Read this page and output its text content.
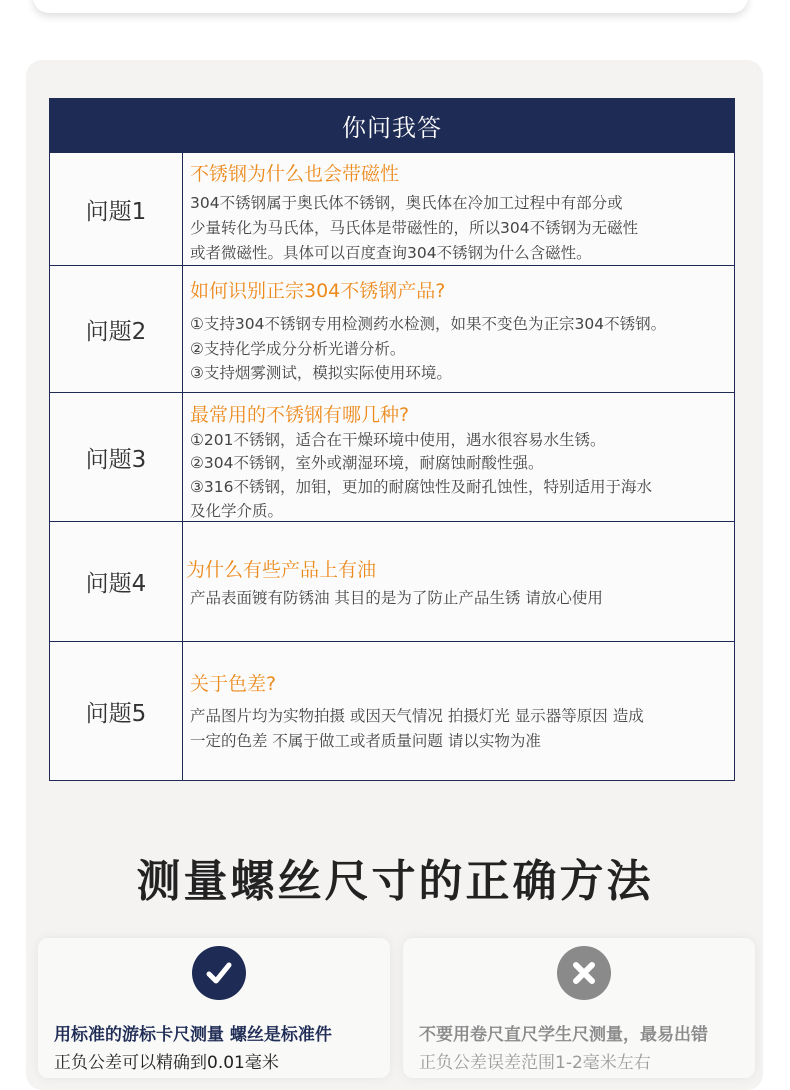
你问我答
问题1
不锈钢为什么也会带磁性
304不锈钢属于奥氏体不锈钢，奥氏体在冷加工过程中有部分或
少量转化为马氏体，马氏体是带磁性的，所以304不锈钢为无磁性
或者微磁性。具体可以百度查询304不锈钢为什么含磁性。
问题2
如何识别正宗304不锈钢产品?
①支持304不锈钢专用检测药水检测，如果不变色为正宗304不锈钢。
②支持化学成分分析光谱分析。
③支持烟雾测试，模拟实际使用环境。
问题3
最常用的不锈钢有哪几种?
①201不锈钢，适合在干燥环境中使用，遇水很容易水生锈。
②304不锈钢，室外或潮湿环境，耐腐蚀耐酸性强。
③316不锈钢，加钼，更加的耐腐蚀性及耐孔蚀性，特别适用于海水
及化学介质。
问题4
为什么有些产品上有油
产品表面镀有防锈油 其目的是为了防止产品生锈 请放心使用
问题5
关于色差?
产品图片均为实物拍摄 或因天气情况 拍摄灯光 显示器等原因 造成
一定的色差 不属于做工或者质量问题 请以实物为准
测量螺丝尺寸的正确方法
用标准的游标卡尺测量 螺丝是标准件
正负公差可以精确到0.01毫米
不要用卷尺直尺学生尺测量，最易出错
正负公差误差范围1-2毫米左右
